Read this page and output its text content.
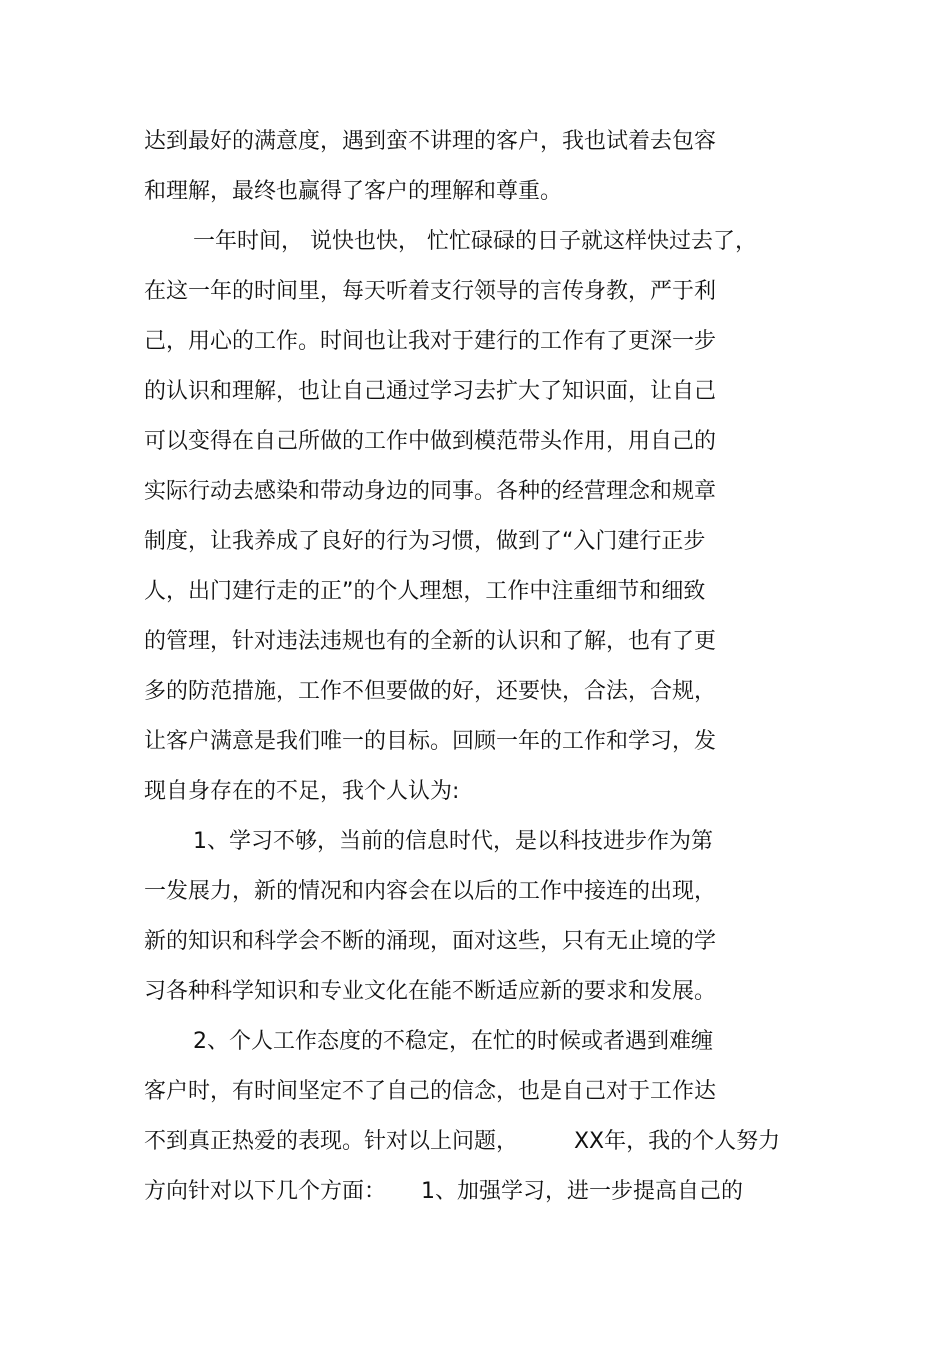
达到最好的满意度，遇到蛮不讲理的客户，我也试着去包容
和理解，最终也赢得了客户的理解和尊重。
一年时间， 说快也快， 忙忙碌碌的日子就这样快过去了，
在这一年的时间里，每天听着支行领导的言传身教，严于利
己，用心的工作。时间也让我对于建行的工作有了更深一步
的认识和理解，也让自己通过学习去扩大了知识面，让自己
可以变得在自己所做的工作中做到模范带头作用，用自己的
实际行动去感染和带动身边的同事。各种的经营理念和规章
制度，让我养成了良好的行为习惯，做到了“入门建行正步
人，出门建行走的正”的个人理想，工作中注重细节和细致
的管理，针对违法违规也有的全新的认识和了解，也有了更
多的防范措施，工作不但要做的好，还要快，合法，合规，
让客户满意是我们唯一的目标。回顾一年的工作和学习，发
现自身存在的不足，我个人认为:
1、学习不够，当前的信息时代，是以科技进步作为第
一发展力，新的情况和内容会在以后的工作中接连的出现，
新的知识和科学会不断的涌现，面对这些，只有无止境的学
习各种科学知识和专业文化在能不断适应新的要求和发展。
2、个人工作态度的不稳定，在忙的时候或者遇到难缠
客户时，有时间坚定不了自己的信念，也是自己对于工作达
不到真正热爱的表现。针对以上问题，        XX年，我的个人努力
方向针对以下几个方面：     1、加强学习，进一步提高自己的
